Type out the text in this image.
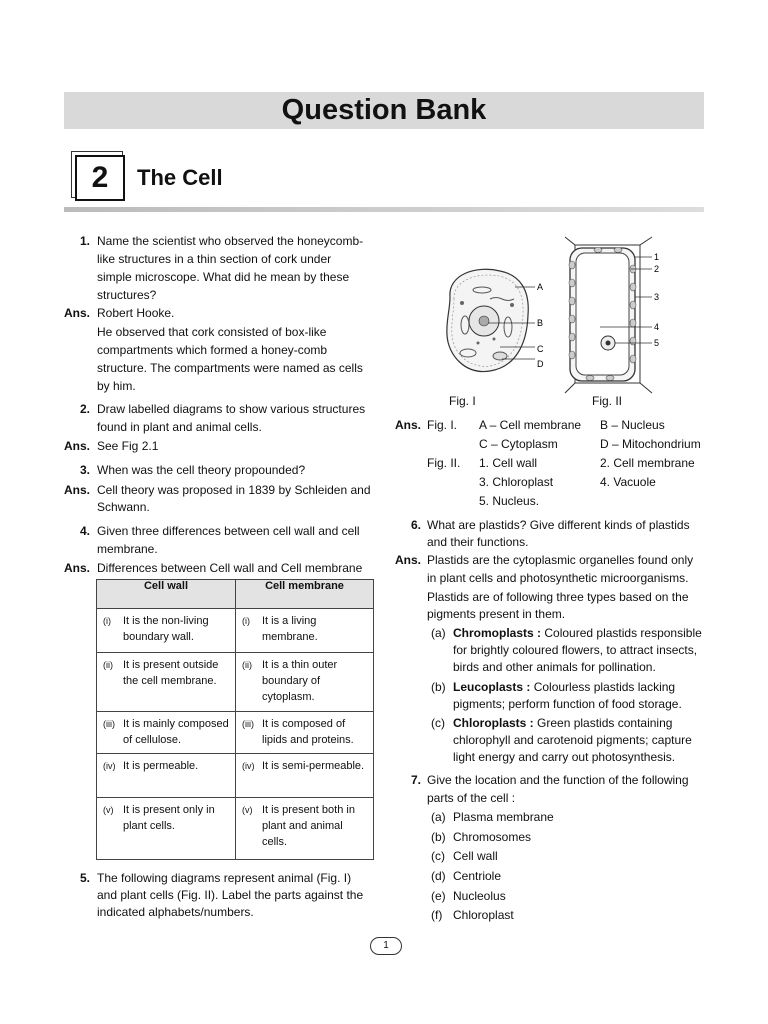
Question Bank
2	The Cell
1. Name the scientist who observed the honeycomb-
like structures in a thin section of cork under
simple microscope. What did he mean by these
structures?
Ans. Robert Hooke.
He observed that cork consisted of box-like
compartments which formed a honey-comb
structure. The compartments were named as cells
by him.
2. Draw labelled diagrams to show various structures
found in plant and animal cells.
Ans. See Fig 2.1
3. When was the cell theory propounded?
Ans. Cell theory was proposed in 1839 by Schleiden and
Schwann.
4. Given three differences between cell wall and cell
membrane.
Ans. Differences between Cell wall and Cell membrane
Cell wall	Cell membrane

(i) It is the non-living boundary wall.	(i) It is a living membrane.

(ii) It is present outside the cell membrane.	(ii) It is a thin outer boundary of cytoplasm.

(iii) It is mainly composed of cellulose.	(iii) It is composed of lipids and proteins.

(iv) It is permeable.	(iv) It is semi-permeable.

(v) It is present only in plant cells.	(v) It is present both in plant and animal cells.
5. The following diagrams represent animal (Fig. I)
and plant cells (Fig. II). Label the parts against the
indicated alphabets/numbers.
A
B
C
D
1
2
3
4
5
Fig. I	Fig. II
Ans. Fig. I. A – Cell membrane B – Nucleus
C – Cytoplasm	D – Mitochondrium
Fig. II. 1. Cell wall	2. Cell membrane
3. Chloroplast	4. Vacuole
5. Nucleus.
6. What are plastids? Give different kinds of plastids
and their functions.
Ans. Plastids are the cytoplasmic organelles found only
in plant cells and photosynthetic microorganisms.
Plastids are of following three types based on the
pigments present in them.
(a) Chromoplasts : Coloured plastids responsible
for brightly coloured flowers, to attract insects,
birds and other animals for pollination.
(b) Leucoplasts : Colourless plastids lacking
pigments; perform function of food storage.
(c) Chloroplasts : Green plastids containing
chlorophyll and carotenoid pigments; capture
light energy and carry out photosynthesis.
7. Give the location and the function of the following
parts of the cell :
(a) Plasma membrane
(b) Chromosomes
(c) Cell wall
(d) Centriole
(e) Nucleolus
(f) Chloroplast
1
